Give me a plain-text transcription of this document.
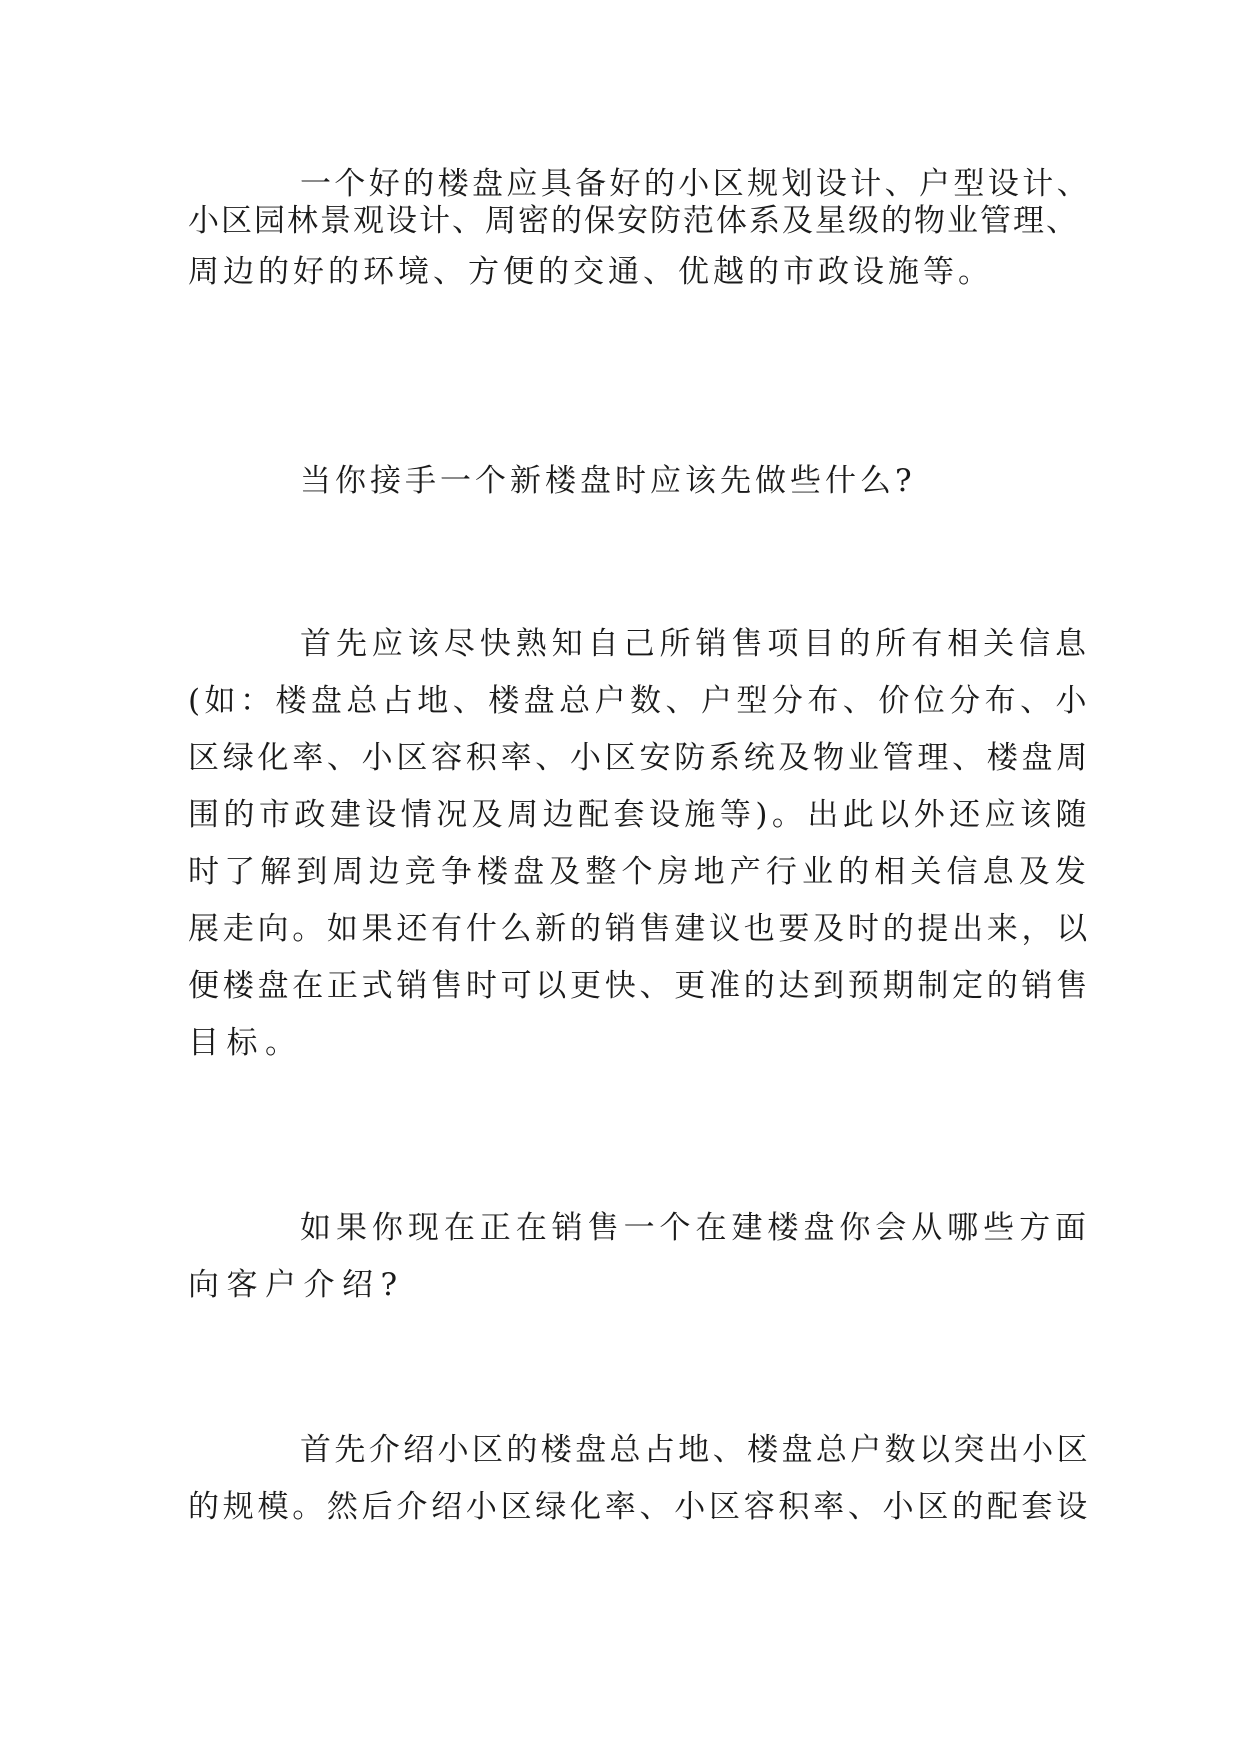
一个好的楼盘应具备好的小区规划设计、户型设计、

小区园林景观设计、周密的保安防范体系及星级的物业管理、

周边的好的环境、方便的交通、优越的市政设施等。

当你接手一个新楼盘时应该先做些什么?

首先应该尽快熟知自己所销售项目的所有相关信息

(如：楼盘总占地、楼盘总户数、户型分布、价位分布、小

区绿化率、小区容积率、小区安防系统及物业管理、楼盘周

围的市政建设情况及周边配套设施等)。出此以外还应该随

时了解到周边竞争楼盘及整个房地产行业的相关信息及发

展走向。如果还有什么新的销售建议也要及时的提出来，以

便楼盘在正式销售时可以更快、更准的达到预期制定的销售

目标。

如果你现在正在销售一个在建楼盘你会从哪些方面

向客户介绍?

首先介绍小区的楼盘总占地、楼盘总户数以突出小区

的规模。然后介绍小区绿化率、小区容积率、小区的配套设
